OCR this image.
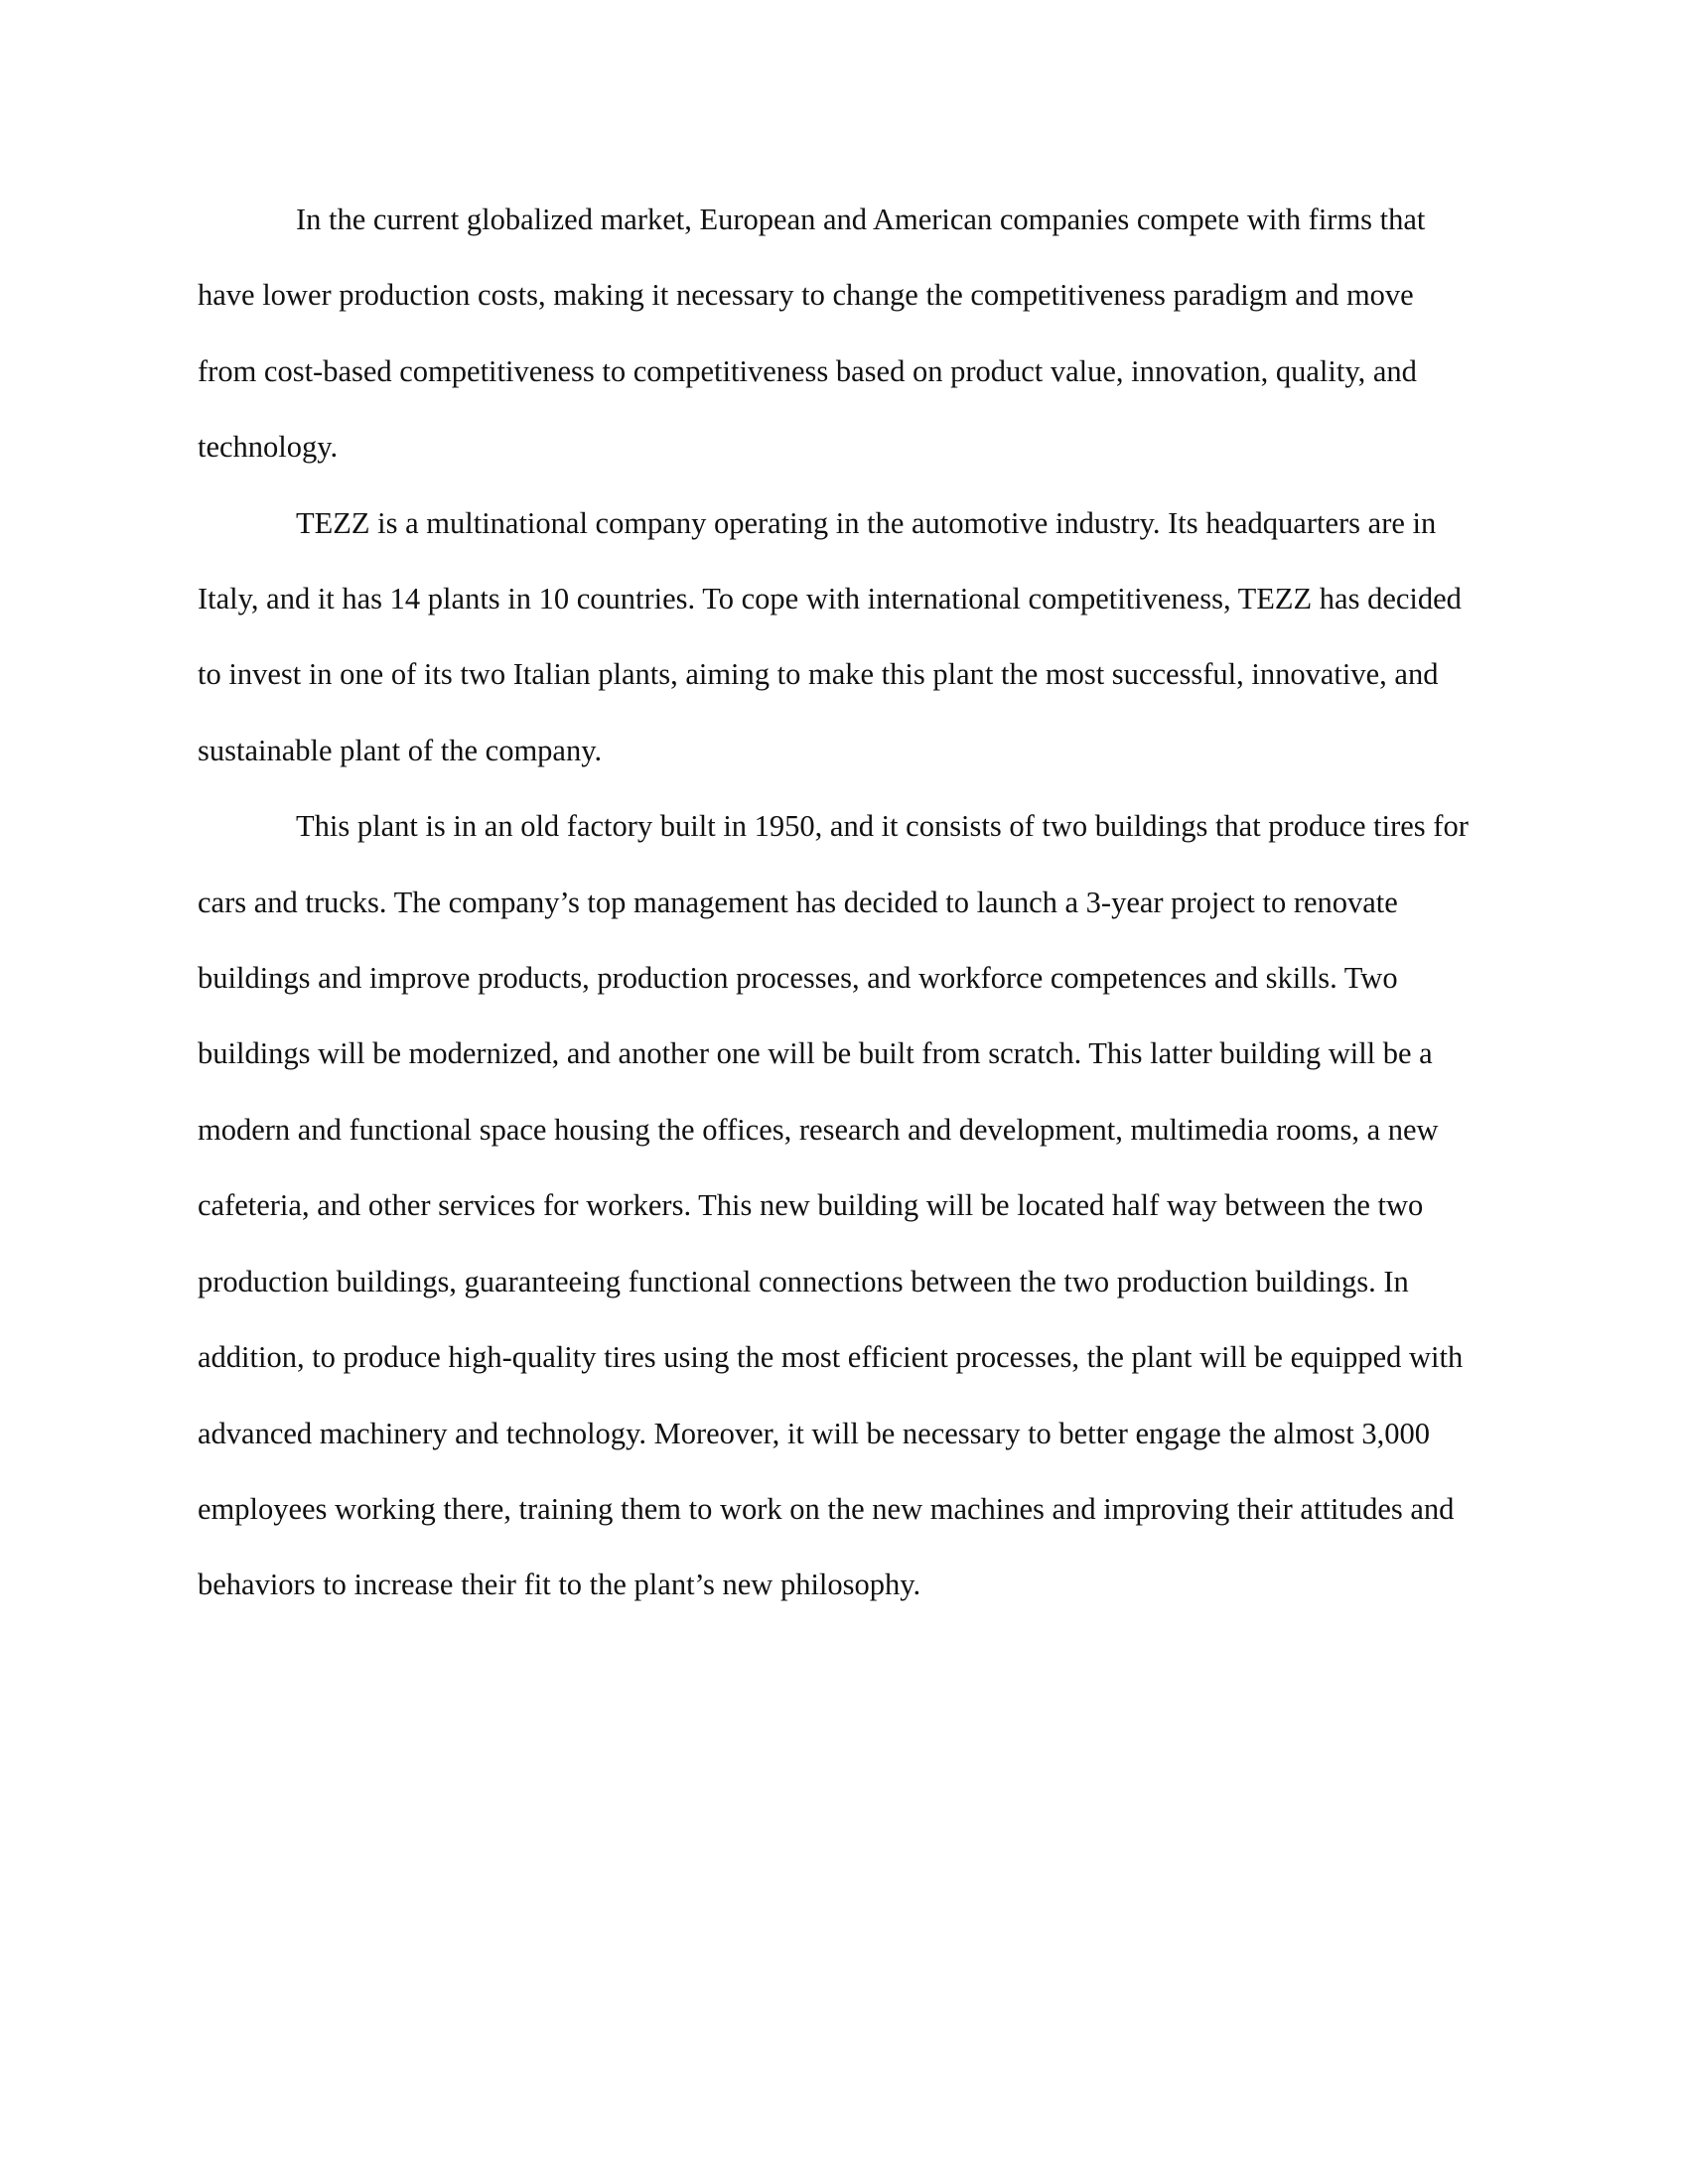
In the current globalized market, European and American companies compete with firms that have lower production costs, making it necessary to change the competitiveness paradigm and move from cost-based competitiveness to competitiveness based on product value, innovation, quality, and technology.

TEZZ is a multinational company operating in the automotive industry. Its headquarters are in Italy, and it has 14 plants in 10 countries. To cope with international competitiveness, TEZZ has decided to invest in one of its two Italian plants, aiming to make this plant the most successful, innovative, and sustainable plant of the company.

This plant is in an old factory built in 1950, and it consists of two buildings that produce tires for cars and trucks. The company’s top management has decided to launch a 3-year project to renovate buildings and improve products, production processes, and workforce competences and skills. Two buildings will be modernized, and another one will be built from scratch. This latter building will be a modern and functional space housing the offices, research and development, multimedia rooms, a new cafeteria, and other services for workers. This new building will be located half way between the two production buildings, guaranteeing functional connections between the two production buildings. In addition, to produce high-quality tires using the most efficient processes, the plant will be equipped with advanced machinery and technology. Moreover, it will be necessary to better engage the almost 3,000 employees working there, training them to work on the new machines and improving their attitudes and behaviors to increase their fit to the plant’s new philosophy.
